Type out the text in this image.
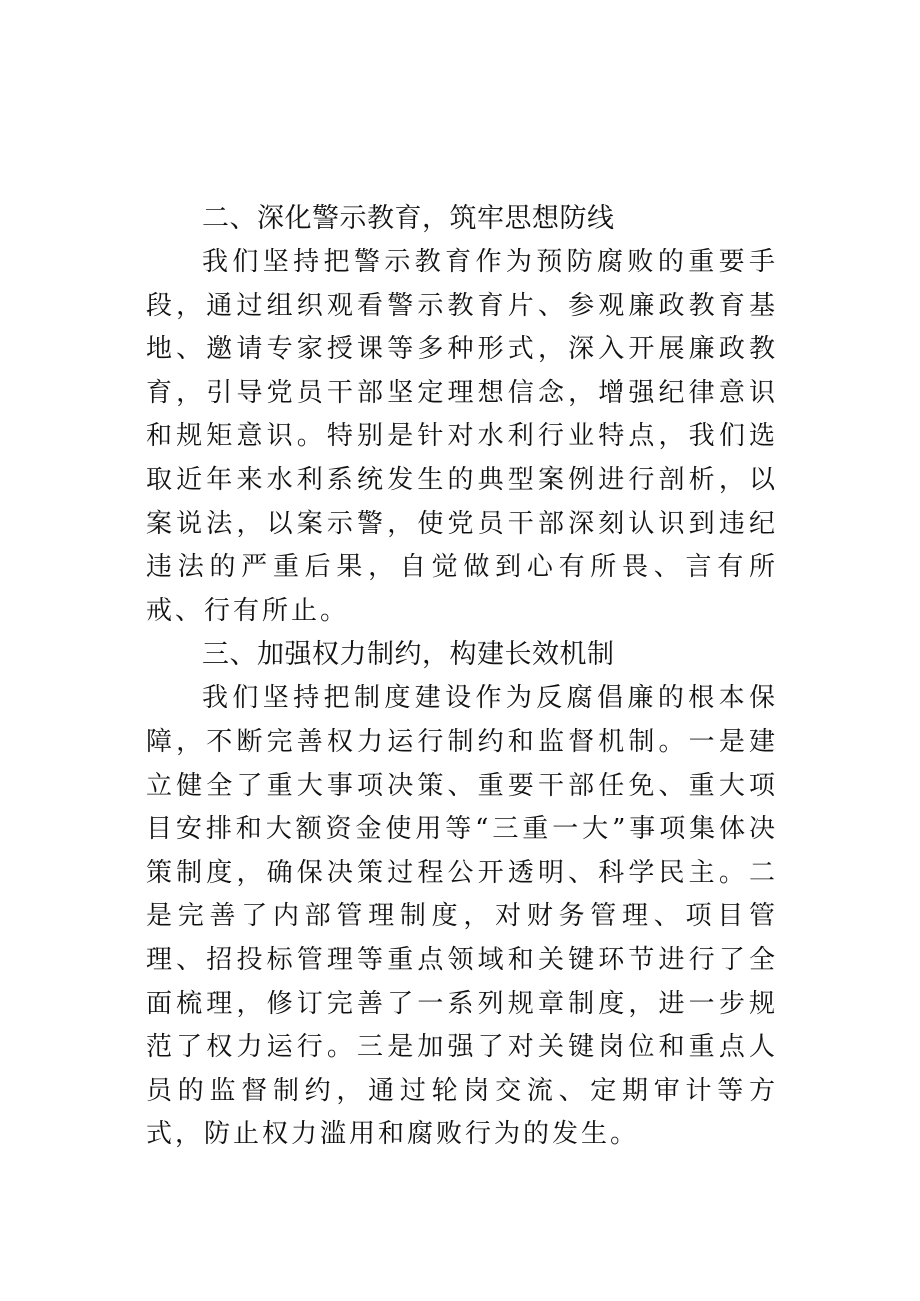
二、深化警示教育，筑牢思想防线

我们坚持把警示教育作为预防腐败的重要手段，通过组织观看警示教育片、参观廉政教育基地、邀请专家授课等多种形式，深入开展廉政教育，引导党员干部坚定理想信念，增强纪律意识和规矩意识。特别是针对水利行业特点，我们选取近年来水利系统发生的典型案例进行剖析，以案说法，以案示警，使党员干部深刻认识到违纪违法的严重后果，自觉做到心有所畏、言有所戒、行有所止。

三、加强权力制约，构建长效机制

我们坚持把制度建设作为反腐倡廉的根本保障，不断完善权力运行制约和监督机制。一是建立健全了重大事项决策、重要干部任免、重大项目安排和大额资金使用等“三重一大”事项集体决策制度，确保决策过程公开透明、科学民主。二是完善了内部管理制度，对财务管理、项目管理、招投标管理等重点领域和关键环节进行了全面梳理，修订完善了一系列规章制度，进一步规范了权力运行。三是加强了对关键岗位和重点人员的监督制约，通过轮岗交流、定期审计等方式，防止权力滥用和腐败行为的发生。
